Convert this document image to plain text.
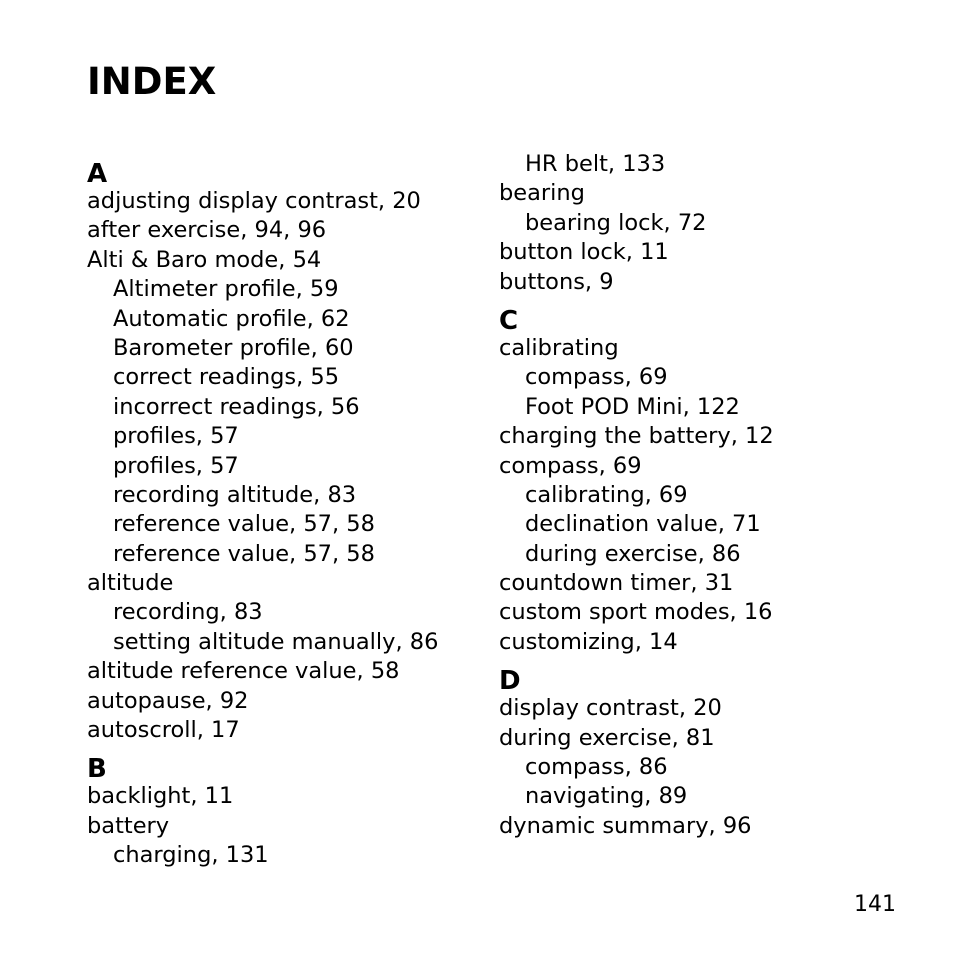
INDEX
A
adjusting display contrast, 20
after exercise, 94, 96
Alti & Baro mode, 54
Altimeter profile, 59
Automatic profile, 62
Barometer profile, 60
correct readings, 55
incorrect readings, 56
profiles, 57
profiles, 57
recording altitude, 83
reference value, 57, 58
reference value, 57, 58
altitude
recording, 83
setting altitude manually, 86
altitude reference value, 58
autopause, 92
autoscroll, 17
B
backlight, 11
battery
charging, 131
HR belt, 133
bearing
bearing lock, 72
button lock, 11
buttons, 9
C
calibrating
compass, 69
Foot POD Mini, 122
charging the battery, 12
compass, 69
calibrating, 69
declination value, 71
during exercise, 86
countdown timer, 31
custom sport modes, 16
customizing, 14
D
display contrast, 20
during exercise, 81
compass, 86
navigating, 89
dynamic summary, 96
141
